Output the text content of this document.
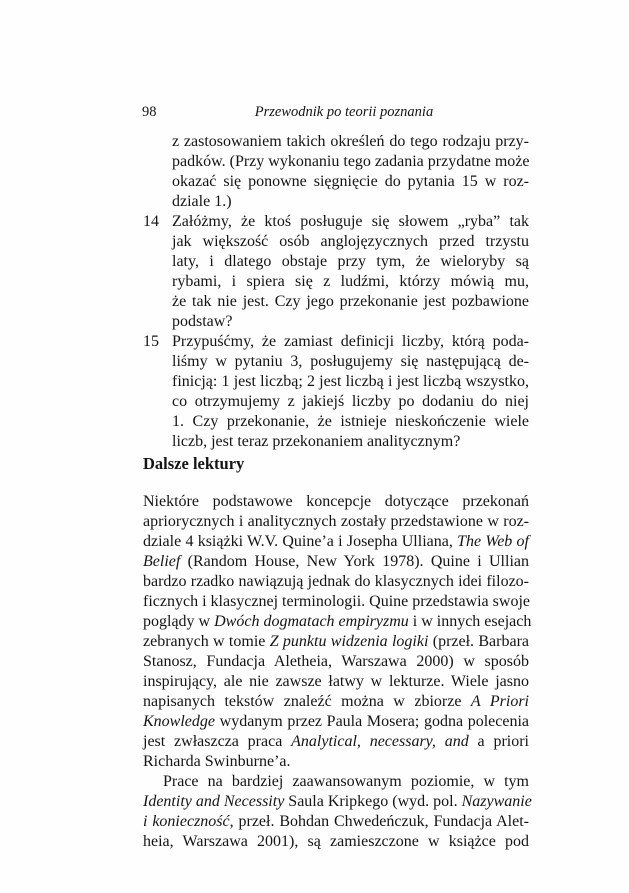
98	Przewodnik po teorii poznania
z zastosowaniem takich określeń do tego rodzaju przy-
padków. (Przy wykonaniu tego zadania przydatne może
okazać się ponowne sięgnięcie do pytania 15 w roz-
dziale 1.)
14 Załóżmy, że ktoś posługuje się słowem „ryba” tak
jak większość osób anglojęzycznych przed trzystu
laty, i dlatego obstaje przy tym, że wieloryby są
rybami, i spiera się z ludźmi, którzy mówią mu,
że tak nie jest. Czy jego przekonanie jest pozbawione
podstaw?
15 Przypuśćmy, że zamiast definicji liczby, którą poda-
liśmy w pytaniu 3, posługujemy się następującą de-
finicją: 1 jest liczbą; 2 jest liczbą i jest liczbą wszystko,
co otrzymujemy z jakiejś liczby po dodaniu do niej
1. Czy przekonanie, że istnieje nieskończenie wiele
liczb, jest teraz przekonaniem analitycznym?
Dalsze lektury
Niektóre podstawowe koncepcje dotyczące przekonań
apriorycznych i analitycznych zostały przedstawione w roz-
dziale 4 książki W.V. Quine’a i Josepha Ulliana, The Web of
Belief (Random House, New York 1978). Quine i Ullian
bardzo rzadko nawiązują jednak do klasycznych idei filozo-
ficznych i klasycznej terminologii. Quine przedstawia swoje
poglądy w Dwóch dogmatach empiryzmu i w innych esejach
zebranych w tomie Z punktu widzenia logiki (przeł. Barbara
Stanosz, Fundacja Aletheia, Warszawa 2000) w sposób
inspirujący, ale nie zawsze łatwy w lekturze. Wiele jasno
napisanych tekstów znaleźć można w zbiorze A Priori
Knowledge wydanym przez Paula Mosera; godna polecenia
jest zwłaszcza praca Analytical, necessary, and a priori
Richarda Swinburne’a.
Prace na bardziej zaawansowanym poziomie, w tym
Identity and Necessity Saula Kripkego (wyd. pol. Nazywanie
i konieczność, przeł. Bohdan Chwedeńczuk, Fundacja Alet-
heia, Warszawa 2001), są zamieszczone w książce pod
